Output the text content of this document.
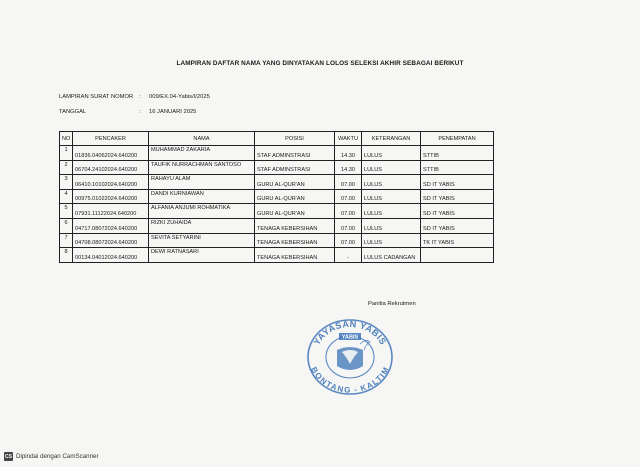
LAMPIRAN DAFTAR NAMA YANG DINYATAKAN LOLOS SELEKSI AKHIR SEBAGAI BERIKUT
LAMPIRAN SURAT NOMOR : 009/EX.04-Yabis/I/2025
TANGGAL	: 16 JANUARI 2025
NO	PENCAKER	NAMA	POSISI	WAKTU	KETERANGAN	PENEMPATAN
1	01836.04062024.640200	MUHAMMAD ZAKARIA	STAF ADMINSTRASI	14.30	LULUS	STTIB
2	06704.24102024.640200	TAUFIK NURRACHMAN SANTOSO	STAF ADMINSTRASI	14.30	LULUS	STTIB
3	06410.10102024.640200	RAHAYU ALAM	GURU AL-QUR'AN	07.00	LULUS	SD IT YABIS
4	00975.01022024.640200	DANDI KURNIAWAN	GURU AL-QUR'AN	07.00	LULUS	SD IT YABIS
5	07931.11122024.640200	ALFANIA ANJUMI ROHMATIKA	GURU AL-QUR'AN	07.00	LULUS	SD IT YABIS
6	04717.08072024.640200	RIZKI ZUHAIDA	TENAGA KEBERSIHAN	07.00	LULUS	SD IT YABIS
7	04708.08072024.640200	SEVITA SETYARINI	TENAGA KEBERSIHAN	07.00	LULUS	TK IT YABIS
8	00134.04012024.640200	DEWI RATNASARI	TENAGA KEBERSIHAN	-	LULUS CADANGAN	
Panitia Rekrutmen
YAYASAN YABIS
BONTANG - KALTIM
YABIS
CS Dipindai dengan CamScanner
